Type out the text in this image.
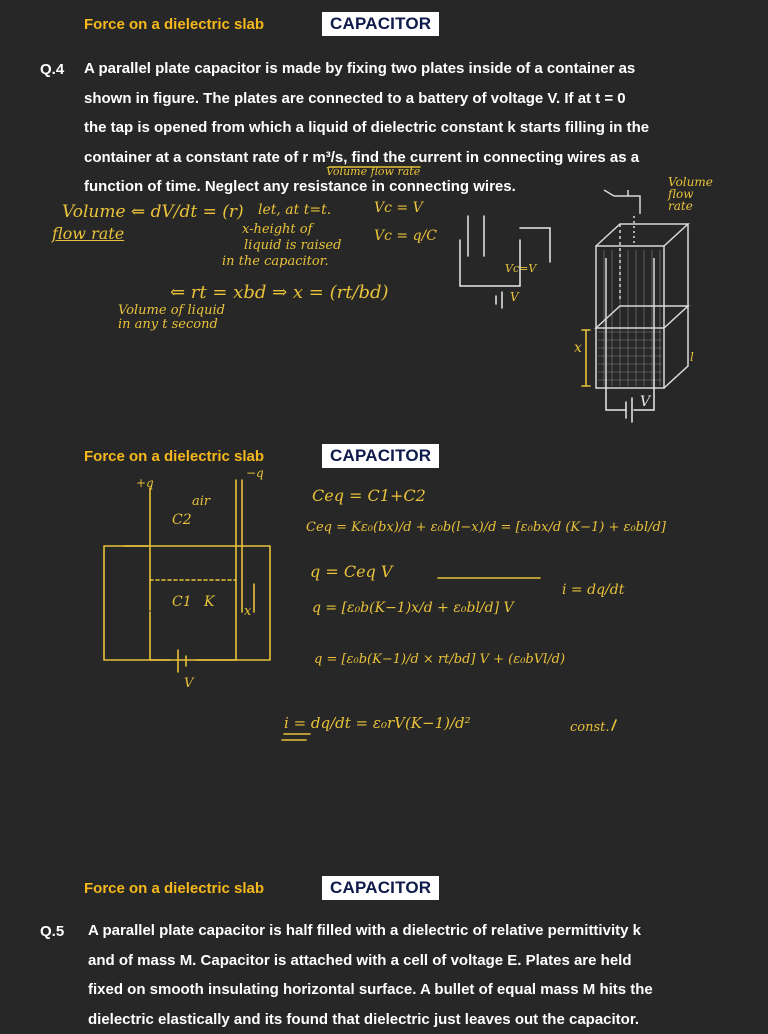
Force on a dielectric slab	CAPACITOR
Q.4 A parallel plate capacitor is made by fixing two plates inside of a container as
shown in figure. The plates are connected to a battery of voltage V. If at t = 0
the tap is opened from which a liquid of dielectric constant k starts filling in the
container at a constant rate of r m³/s, find the current in connecting wires as a
function of time. Neglect any resistance in connecting wires.
Volume ⇐ dV/dt = (r)
flow rate
let, at t=t.
x-height of
liquid is raised
in the capacitor.
Vc = V
Vc = q/C
⇐ rt = xbd ⇒ x = (rt/bd)
Volume of liquid in any t second
Volume flow rate
Vc=V
V
x
V
Volume flow rate
l
Force on a dielectric slab	CAPACITOR
air
C2
C1 K
x
+q
−q
V
Ceq = C1+C2
Ceq = Kε₀(bx)/d + ε₀b(l−x)/d = [ε₀bx/d (K−1) + ε₀bl/d]
q = Ceq V
i = dq/dt
q = [ε₀b(K−1)x/d + ε₀bl/d] V
q = [ε₀b(K−1)/d × rt/bd] V + (ε₀bVl/d)
i = dq/dt = ε₀rV(K−1)/d²	const.
Force on a dielectric slab	CAPACITOR
Q.5 A parallel plate capacitor is half filled with a dielectric of relative permittivity k
and of mass M. Capacitor is attached with a cell of voltage E. Plates are held
fixed on smooth insulating horizontal surface. A bullet of equal mass M hits the
dielectric elastically and its found that dielectric just leaves out the capacitor.
